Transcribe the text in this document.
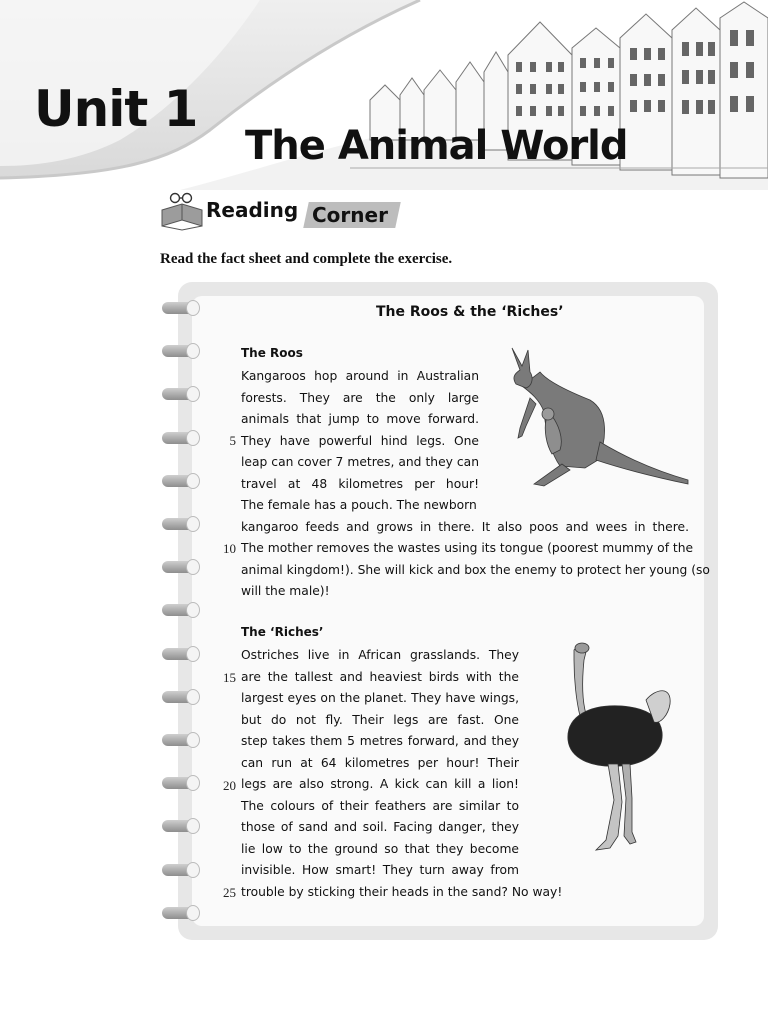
Unit 1
The Animal World
Reading Corner
Read the fact sheet and complete the exercise.
The Roos & the ‘Riches’
The Roos
Kangaroos hop around in Australian
forests. They are the only large
animals that jump to move forward.
They have powerful hind legs. One
leap can cover 7 metres, and they can
travel at 48 kilometres per hour!
The female has a pouch. The newborn
kangaroo feeds and grows in there. It also poos and wees in there.
The mother removes the wastes using its tongue (poorest mummy of the
animal kingdom!). She will kick and box the enemy to protect her young (so
will the male)!
The ‘Riches’
Ostriches live in African grasslands. They
are the tallest and heaviest birds with the
largest eyes on the planet. They have wings,
but do not fly. Their legs are fast. One
step takes them 5 metres forward, and they
can run at 64 kilometres per hour! Their
legs are also strong. A kick can kill a lion!
The colours of their feathers are similar to
those of sand and soil. Facing danger, they
lie low to the ground so that they become
invisible. How smart! They turn away from
trouble by sticking their heads in the sand? No way!
5
10
15
20
25
